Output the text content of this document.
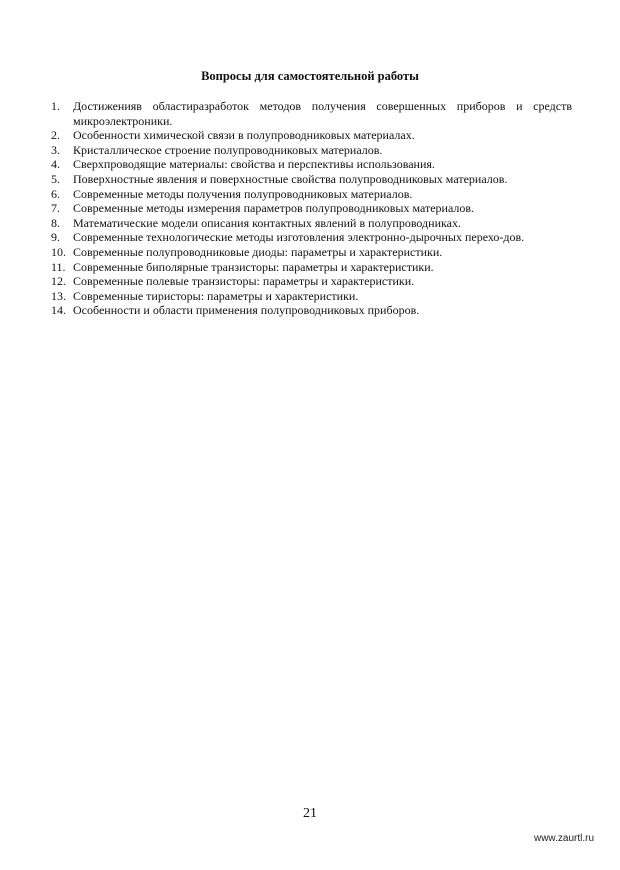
Вопросы для самостоятельной работы
1. Достиженияв областиразработок методов получения совершенных приборов и средств микроэлектроники.
2. Особенности химической связи в полупроводниковых материалах.
3. Кристаллическое строение полупроводниковых материалов.
4. Сверхпроводящие материалы: свойства и перспективы использования.
5. Поверхностные явления и поверхностные свойства полупроводниковых материалов.
6. Современные методы получения полупроводниковых материалов.
7. Современные методы измерения параметров полупроводниковых материалов.
8. Математические модели описания контактных явлений в полупроводниках.
9. Современные технологические методы изготовления электронно-дырочных перехо-дов.
10. Современные полупроводниковые диоды: параметры и характеристики.
11. Современные биполярные транзисторы: параметры и характеристики.
12. Современные полевые транзисторы: параметры и характеристики.
13. Современные тиристоры: параметры и характеристики.
14. Особенности и области применения полупроводниковых приборов.
21
www.zaurtl.ru
